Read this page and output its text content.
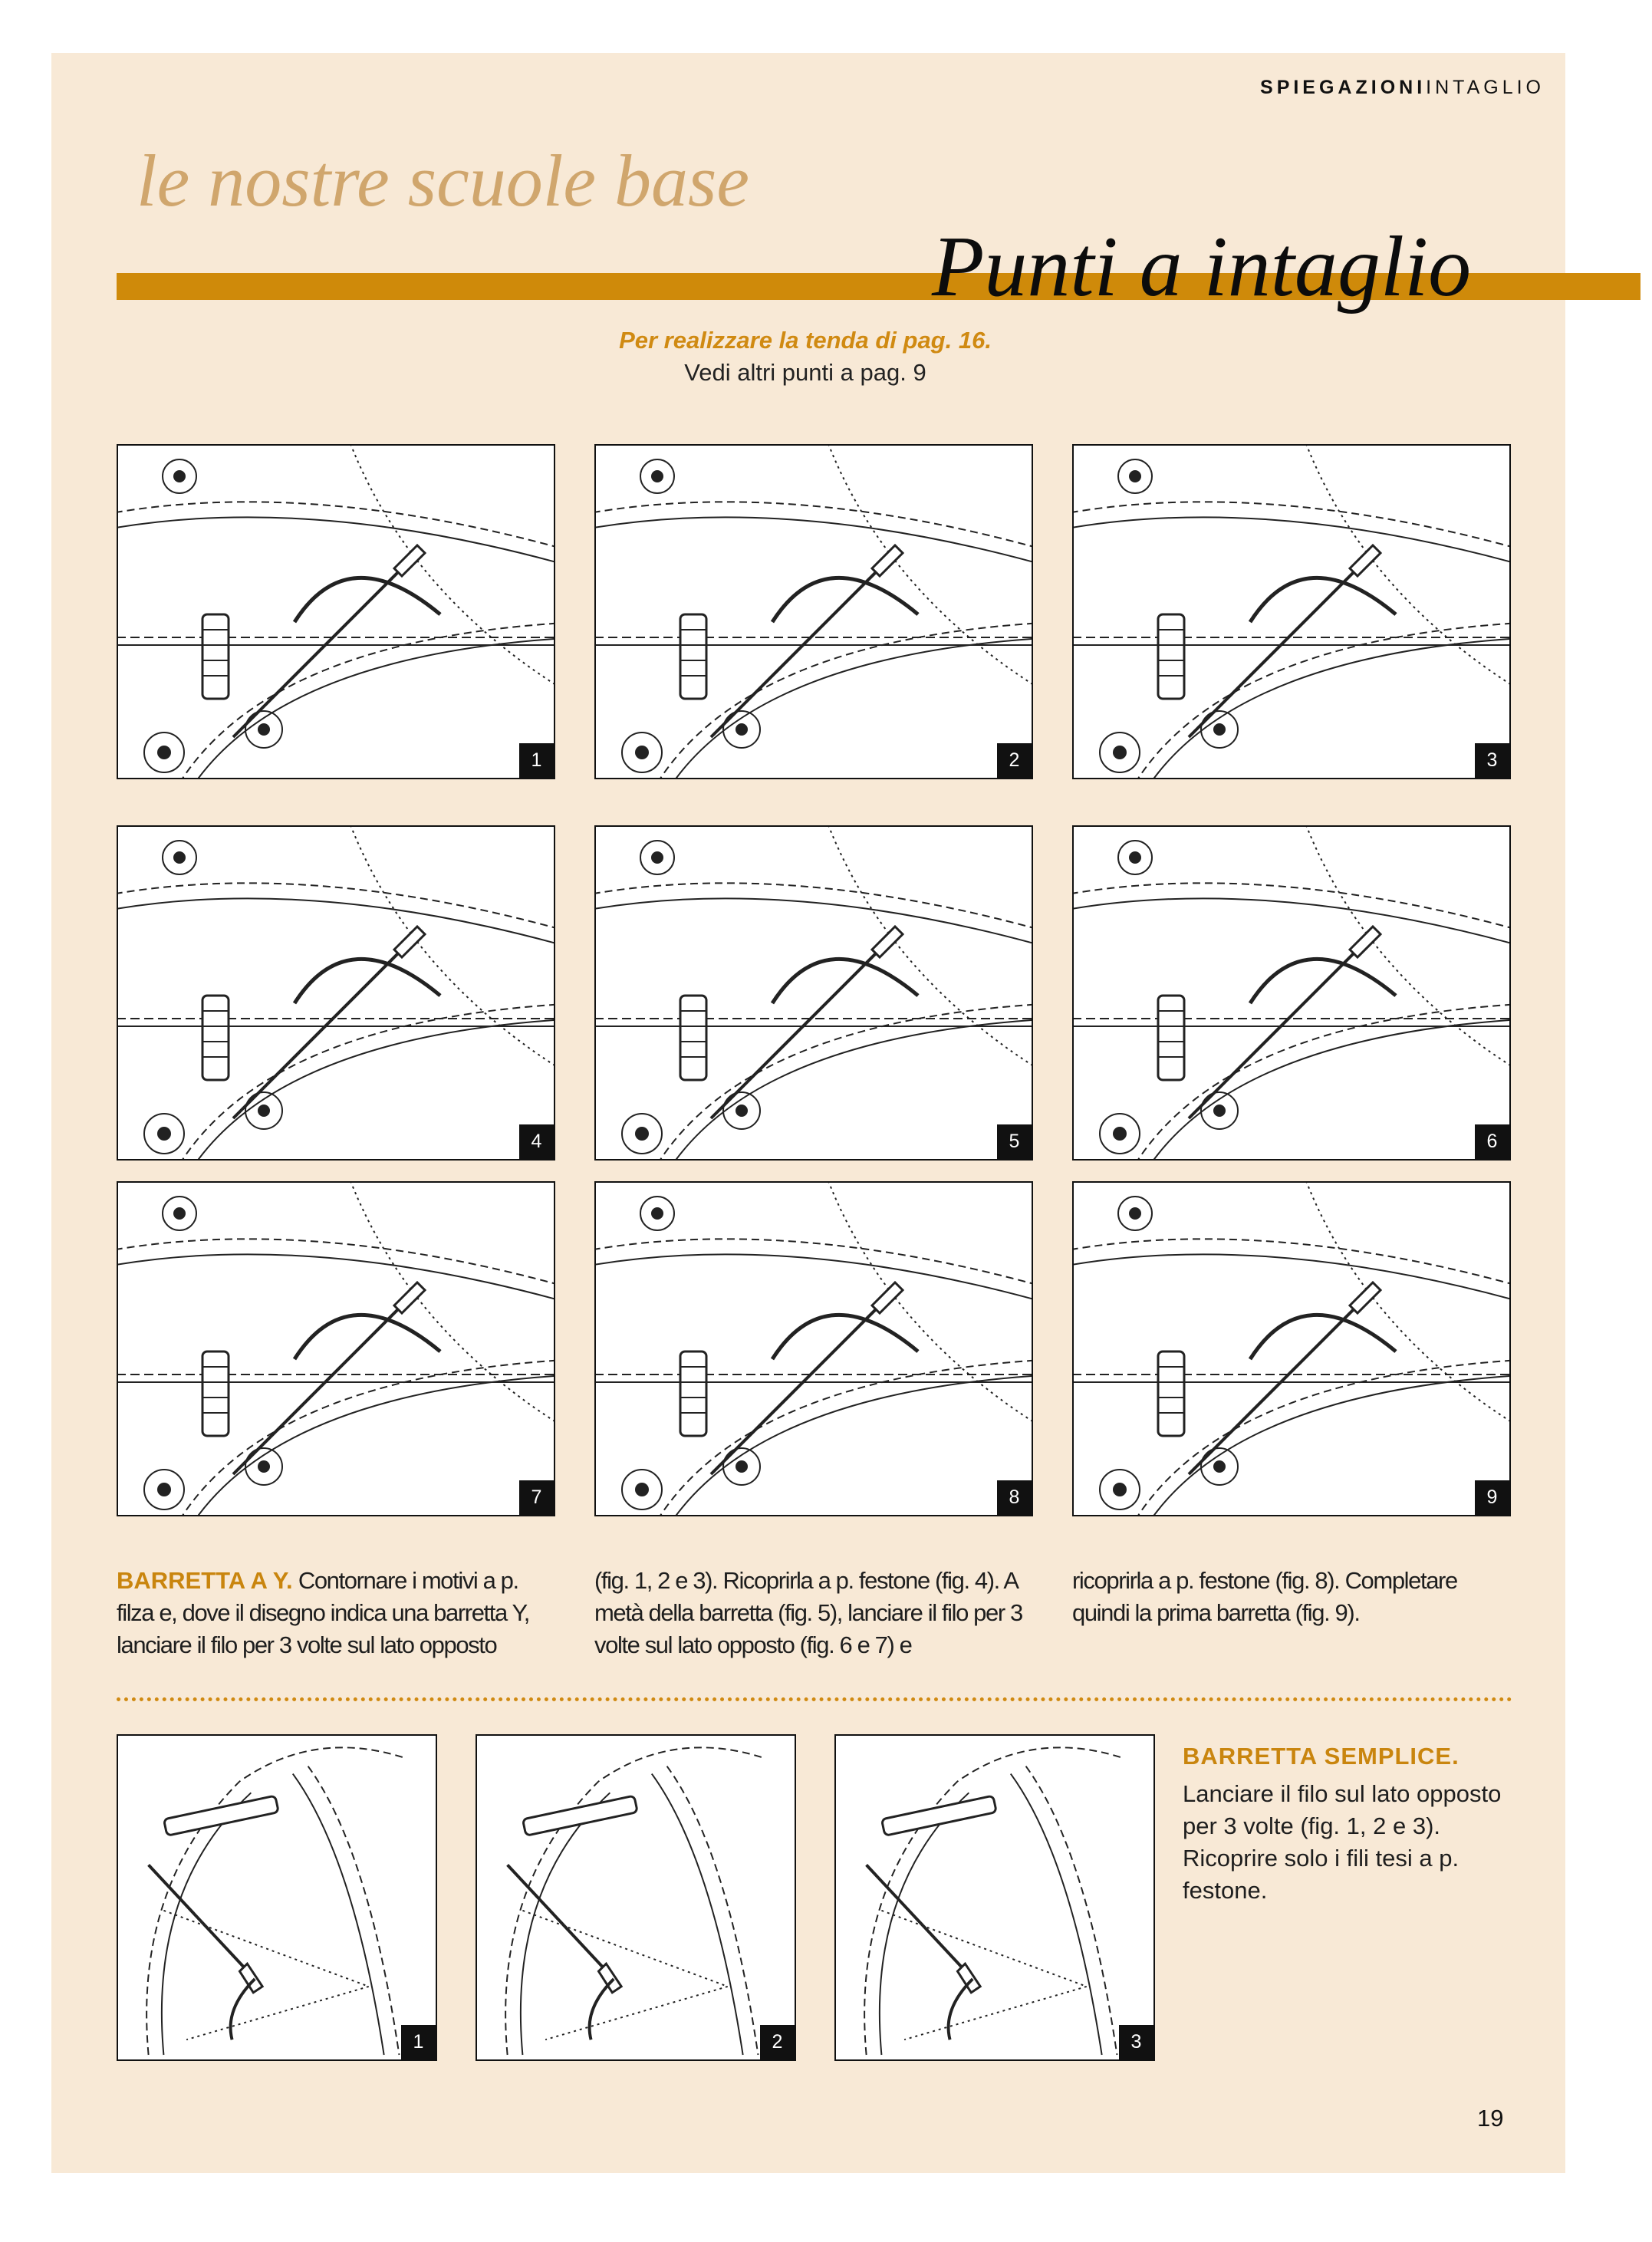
SPIEGAZIONIINTAGLIO
le nostre scuole base
Punti a intaglio
Per realizzare la tenda di pag. 16.
Vedi altri punti a pag. 9
1	2	3
4	5	6
7	8	9
BARRETTA A Y. Contornare i motivi a p. filza e, dove il disegno indica una barretta Y, lanciare il filo per 3 volte sul lato opposto
(fig. 1, 2 e 3). Ricoprirla a p. festone (fig. 4). A metà della barretta (fig. 5), lanciare il filo per 3 volte sul lato opposto (fig. 6 e 7) e
ricoprirla a p. festone (fig. 8). Completare quindi la prima barretta (fig. 9).
1	2	3
BARRETTA SEMPLICE.
Lanciare il filo sul lato opposto per 3 volte (fig. 1, 2 e 3). Ricoprire solo i fili tesi a p. festone.
19
